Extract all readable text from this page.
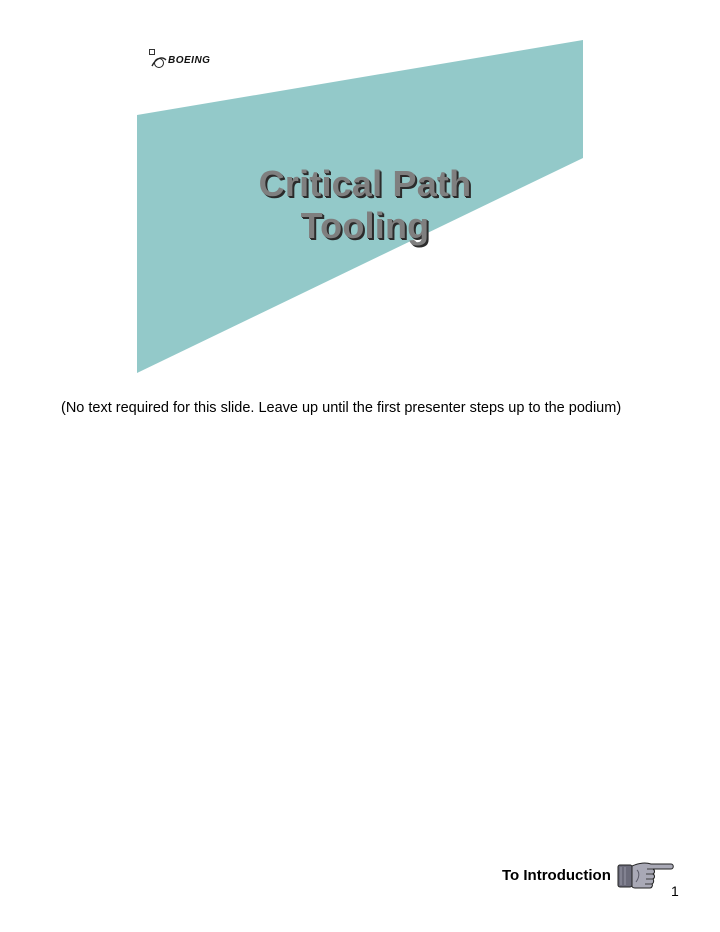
BOEING
Critical Path
Tooling
(No text required for this slide. Leave up until the first presenter steps up to the podium)
To Introduction
1
